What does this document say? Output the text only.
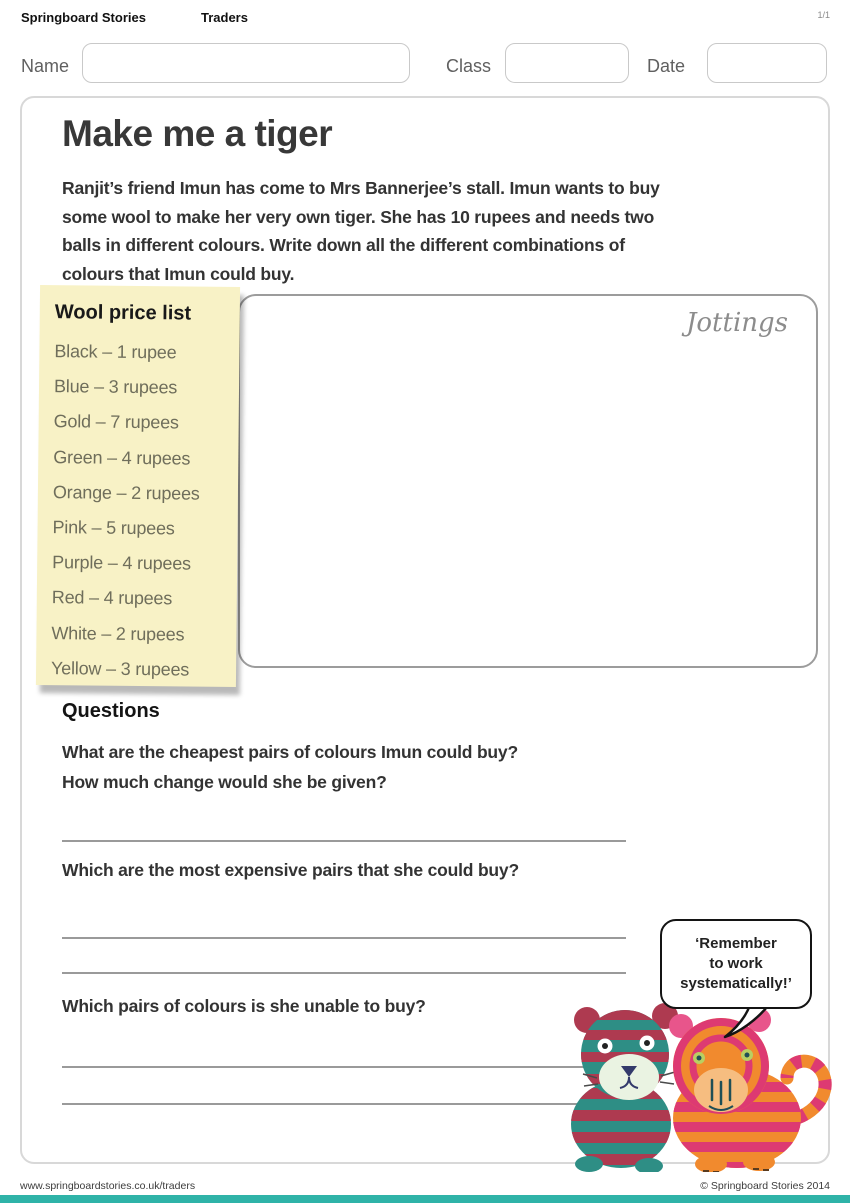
Springboard Stories	Traders	1/1
Name	Class	Date
Make me a tiger
Ranjit’s friend Imun has come to Mrs Bannerjee’s stall. Imun wants to buy
some wool to make her very own tiger. She has 10 rupees and needs two
balls in different colours. Write down all the different combinations of
colours that Imun could buy.
Jottings
Wool price list
Black – 1 rupee
Blue – 3 rupees
Gold – 7 rupees
Green – 4 rupees
Orange – 2 rupees
Pink – 5 rupees
Purple – 4 rupees
Red – 4 rupees
White – 2 rupees
Yellow – 3 rupees
Questions
What are the cheapest pairs of colours Imun could buy?
How much change would she be given?
Which are the most expensive pairs that she could buy?
Which pairs of colours is she unable to buy?
‘Remember
to work
systematically!’
www.springboardstories.co.uk/traders	© Springboard Stories 2014
